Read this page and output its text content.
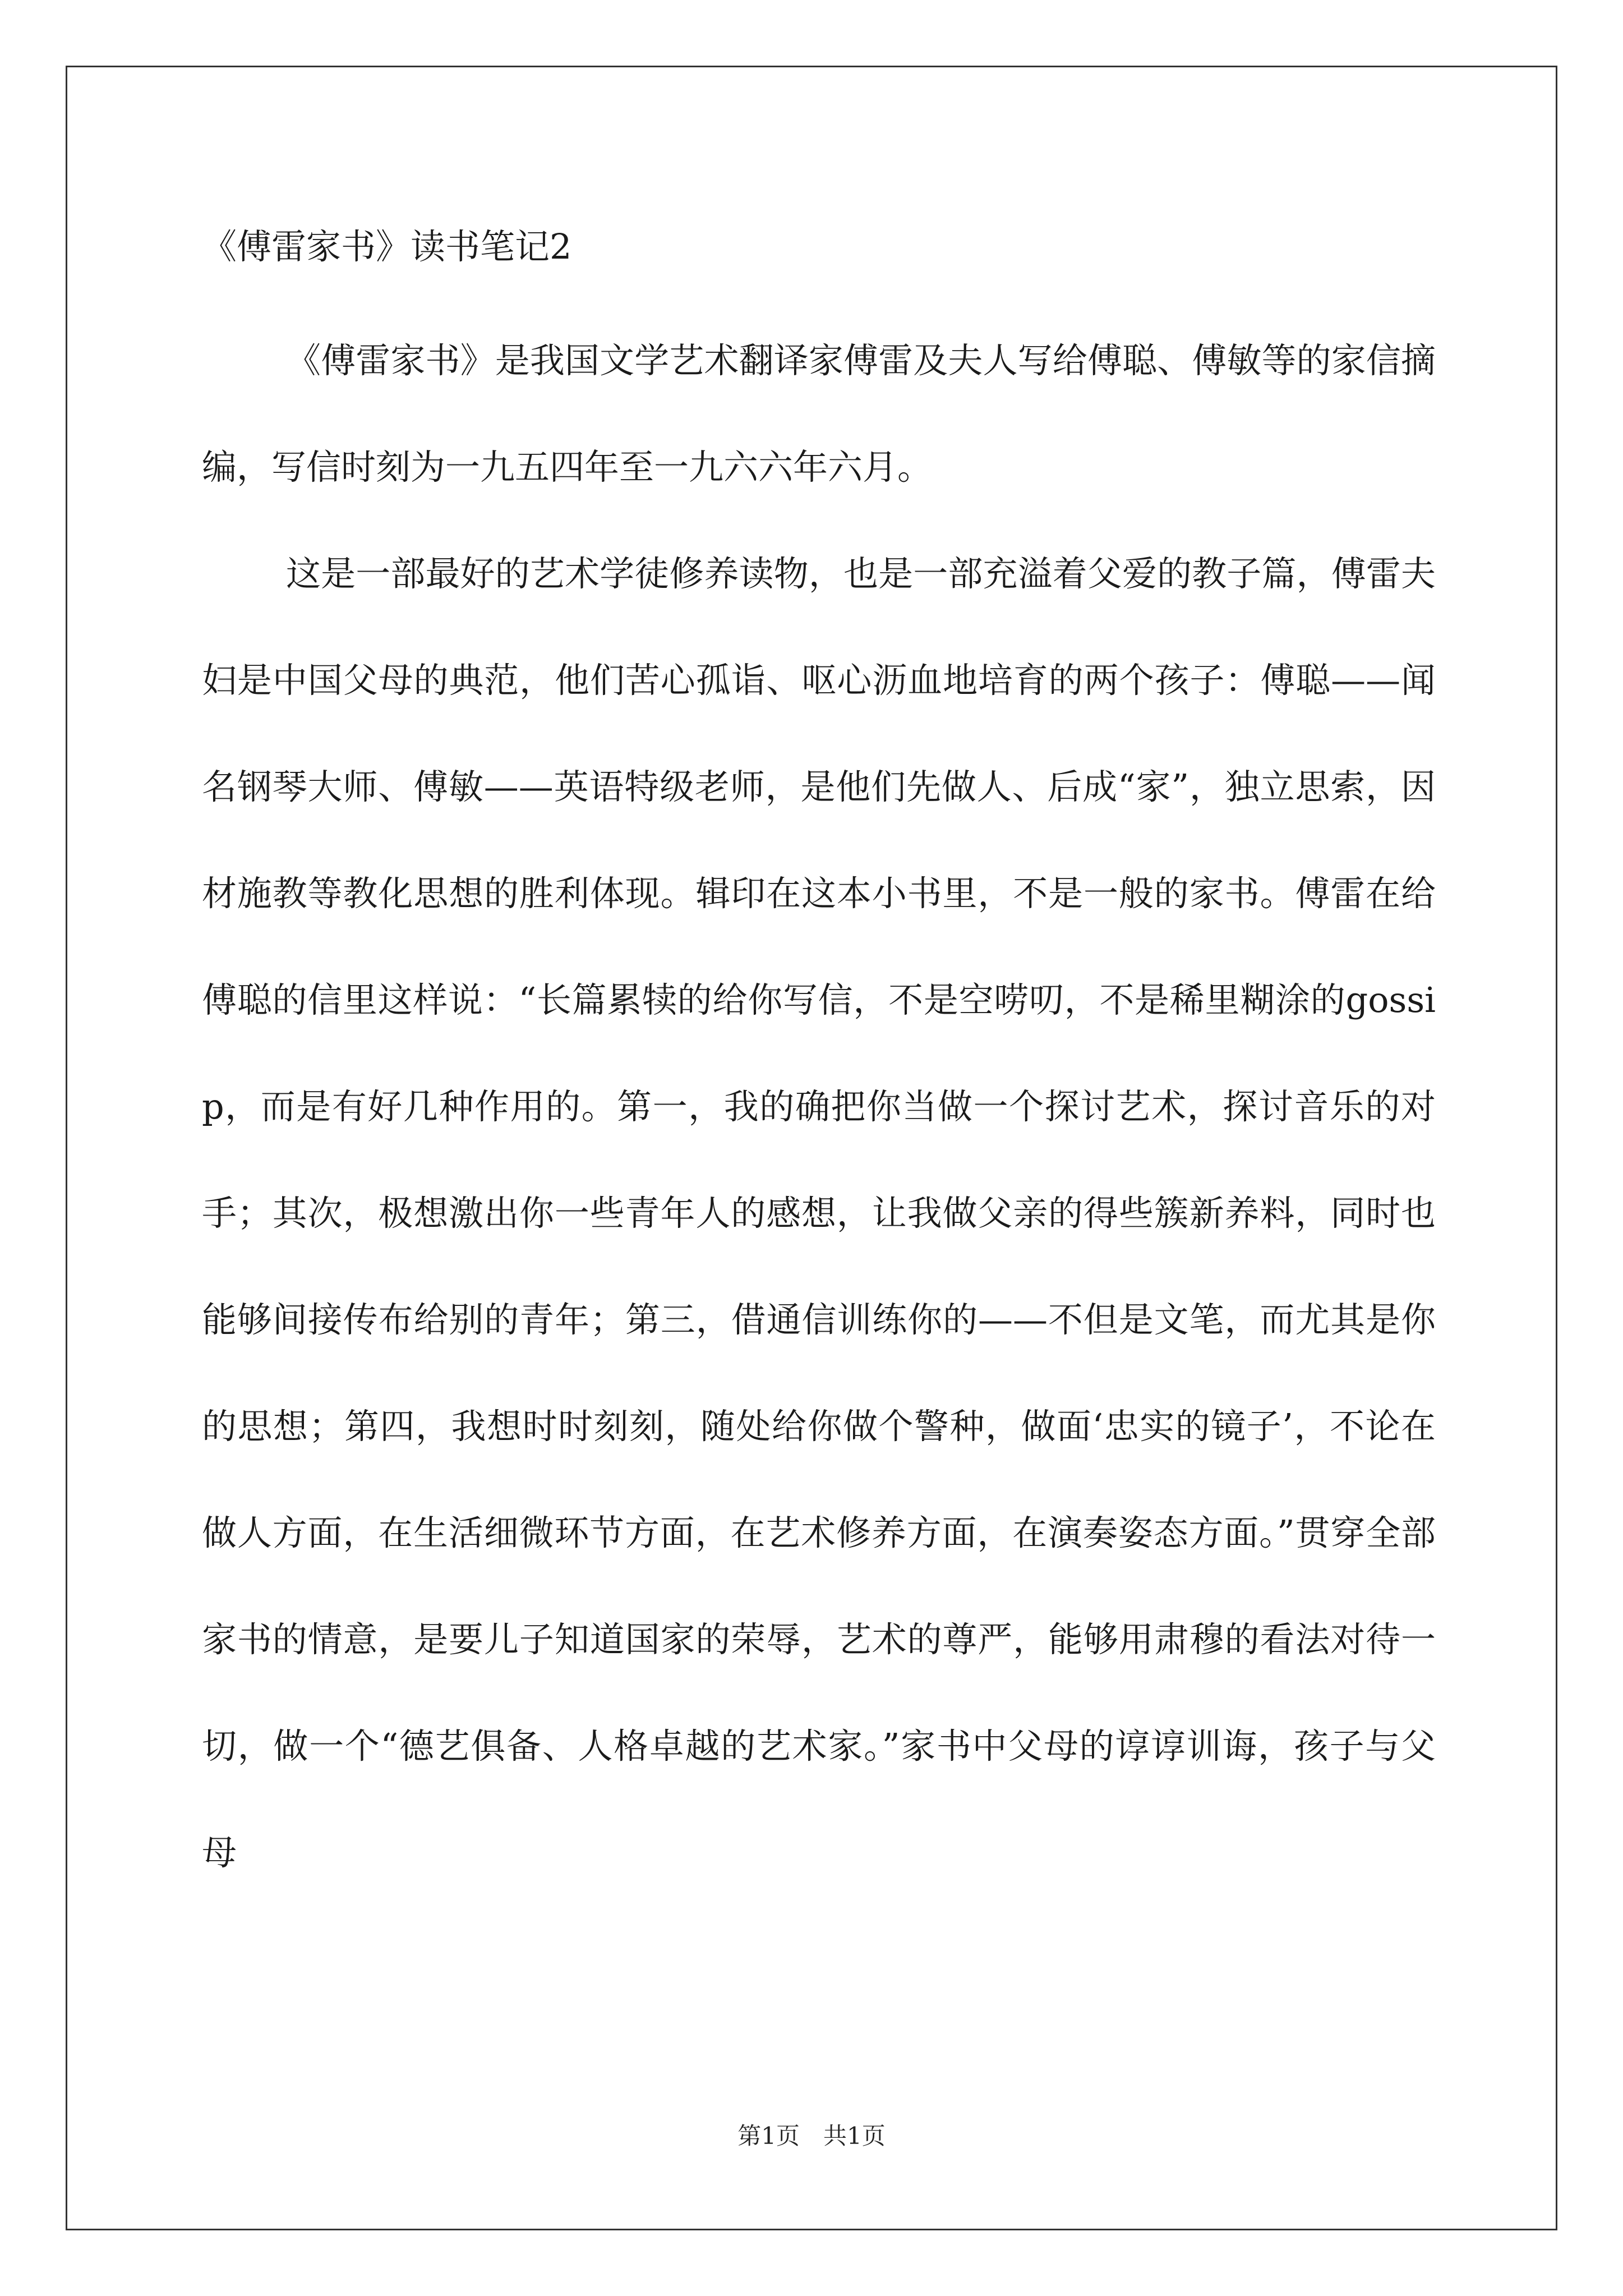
《傅雷家书》读书笔记2

《傅雷家书》是我国文学艺术翻译家傅雷及夫人写给傅聪、傅敏等的家信摘编，写信时刻为一九五四年至一九六六年六月。

这是一部最好的艺术学徒修养读物，也是一部充溢着父爱的教子篇，傅雷夫妇是中国父母的典范，他们苦心孤诣、呕心沥血地培育的两个孩子：傅聪——闻名钢琴大师、傅敏——英语特级老师，是他们先做人、后成“家”，独立思索，因材施教等教化思想的胜利体现。辑印在这本小书里，不是一般的家书。傅雷在给傅聪的信里这样说：“长篇累犊的给你写信，不是空唠叨，不是稀里糊涂的gossip，而是有好几种作用的。第一，我的确把你当做一个探讨艺术，探讨音乐的对手；其次，极想激出你一些青年人的感想，让我做父亲的得些簇新养料，同时也能够间接传布给别的青年；第三，借通信训练你的——不但是文笔，而尤其是你的思想；第四，我想时时刻刻，随处给你做个警种，做面‘忠实的镜子’，不论在做人方面，在生活细微环节方面，在艺术修养方面，在演奏姿态方面。”贯穿全部家书的情意，是要儿子知道国家的荣辱，艺术的尊严，能够用肃穆的看法对待一切，做一个“德艺俱备、人格卓越的艺术家。”家书中父母的谆谆训诲，孩子与父母

第1页 共1页
